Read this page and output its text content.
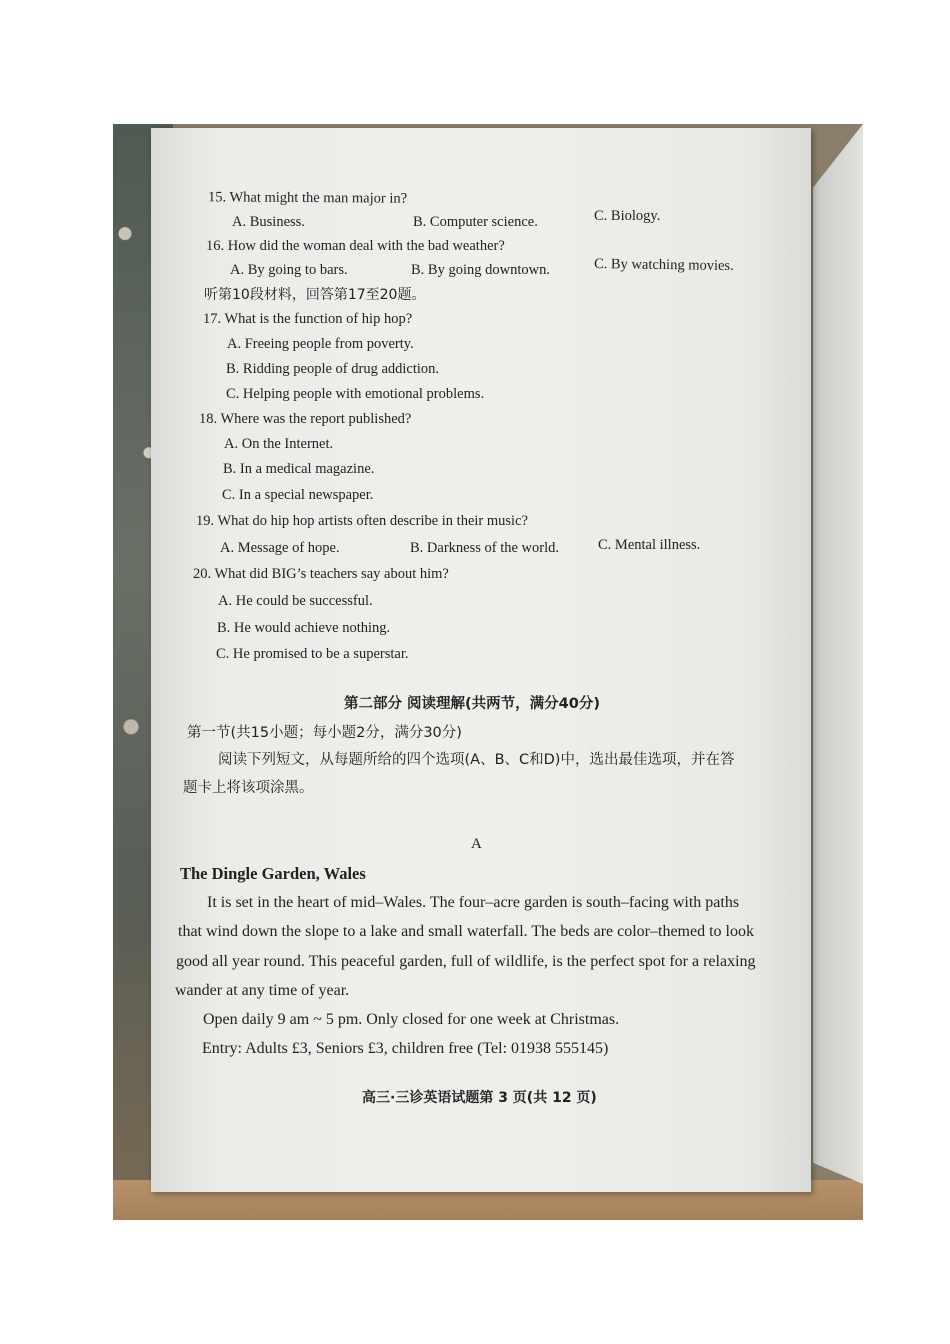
15. What might the man major in?
A. Business.	B. Computer science.	C. Biology.
16. How did the woman deal with the bad weather?
A. By going to bars.	B. By going downtown.	C. By watching movies.
听第10段材料，回答第17至20题。
17. What is the function of hip hop?
A. Freeing people from poverty.
B. Ridding people of drug addiction.
C. Helping people with emotional problems.
18. Where was the report published?
A. On the Internet.
B. In a medical magazine.
C. In a special newspaper.
19. What do hip hop artists often describe in their music?
A. Message of hope.	B. Darkness of the world.	C. Mental illness.
20. What did BIG’s teachers say about him?
A. He could be successful.
B. He would achieve nothing.
C. He promised to be a superstar.
第二部分 阅读理解(共两节，满分40分)
第一节(共15小题；每小题2分，满分30分)
阅读下列短文，从每题所给的四个选项(A、B、C和D)中，选出最佳选项，并在答
题卡上将该项涂黑。
A
The Dingle Garden, Wales
It is set in the heart of mid–Wales. The four–acre garden is south–facing with paths
that wind down the slope to a lake and small waterfall. The beds are color–themed to look
good all year round. This peaceful garden, full of wildlife, is the perfect spot for a relaxing
wander at any time of year.
Open daily 9 am ~ 5 pm. Only closed for one week at Christmas.
Entry: Adults £3, Seniors £3, children free (Tel: 01938 555145)
高三·三诊英语试题第 3 页(共 12 页)
